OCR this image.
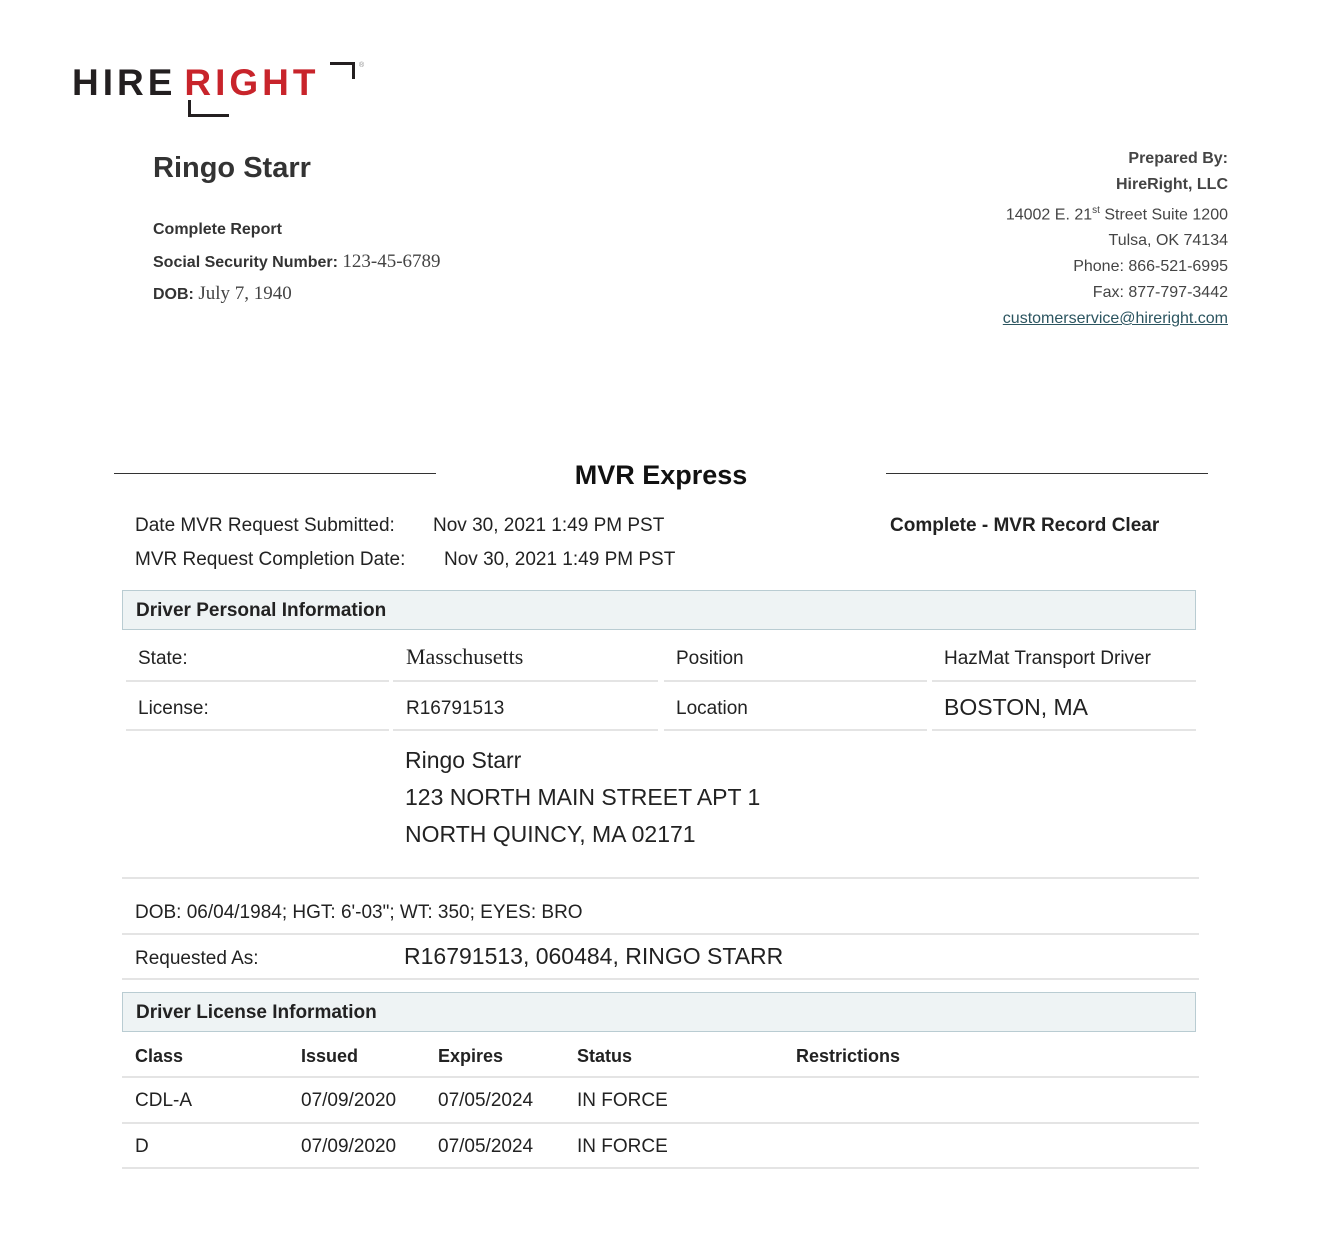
HIRE RIGHT	®
Ringo Starr
Complete Report
Social Security Number: 123-45-6789
DOB: July 7, 1940
Prepared By:
HireRight, LLC
14002 E. 21st Street Suite 1200
Tulsa, OK 74134
Phone: 866-521-6995
Fax: 877-797-3442
customerservice@hireright.com
MVR Express
Date MVR Request Submitted: Nov 30, 2021 1:49 PM PST
MVR Request Completion Date: Nov 30, 2021 1:49 PM PST
Complete - MVR Record Clear
Driver Personal Information
State:	Masschusetts	Position	HazMat Transport Driver
License:	R16791513	Location	BOSTON, MA
Ringo Starr
123 NORTH MAIN STREET APT 1
NORTH QUINCY, MA 02171
DOB: 06/04/1984; HGT: 6'-03"; WT: 350; EYES: BRO
Requested As:	R16791513, 060484, RINGO STARR
Driver License Information
Class	Issued	Expires	Status	Restrictions
CDL-A	07/09/2020 07/05/2024 IN FORCE
D	07/09/2020 07/05/2024 IN FORCE
